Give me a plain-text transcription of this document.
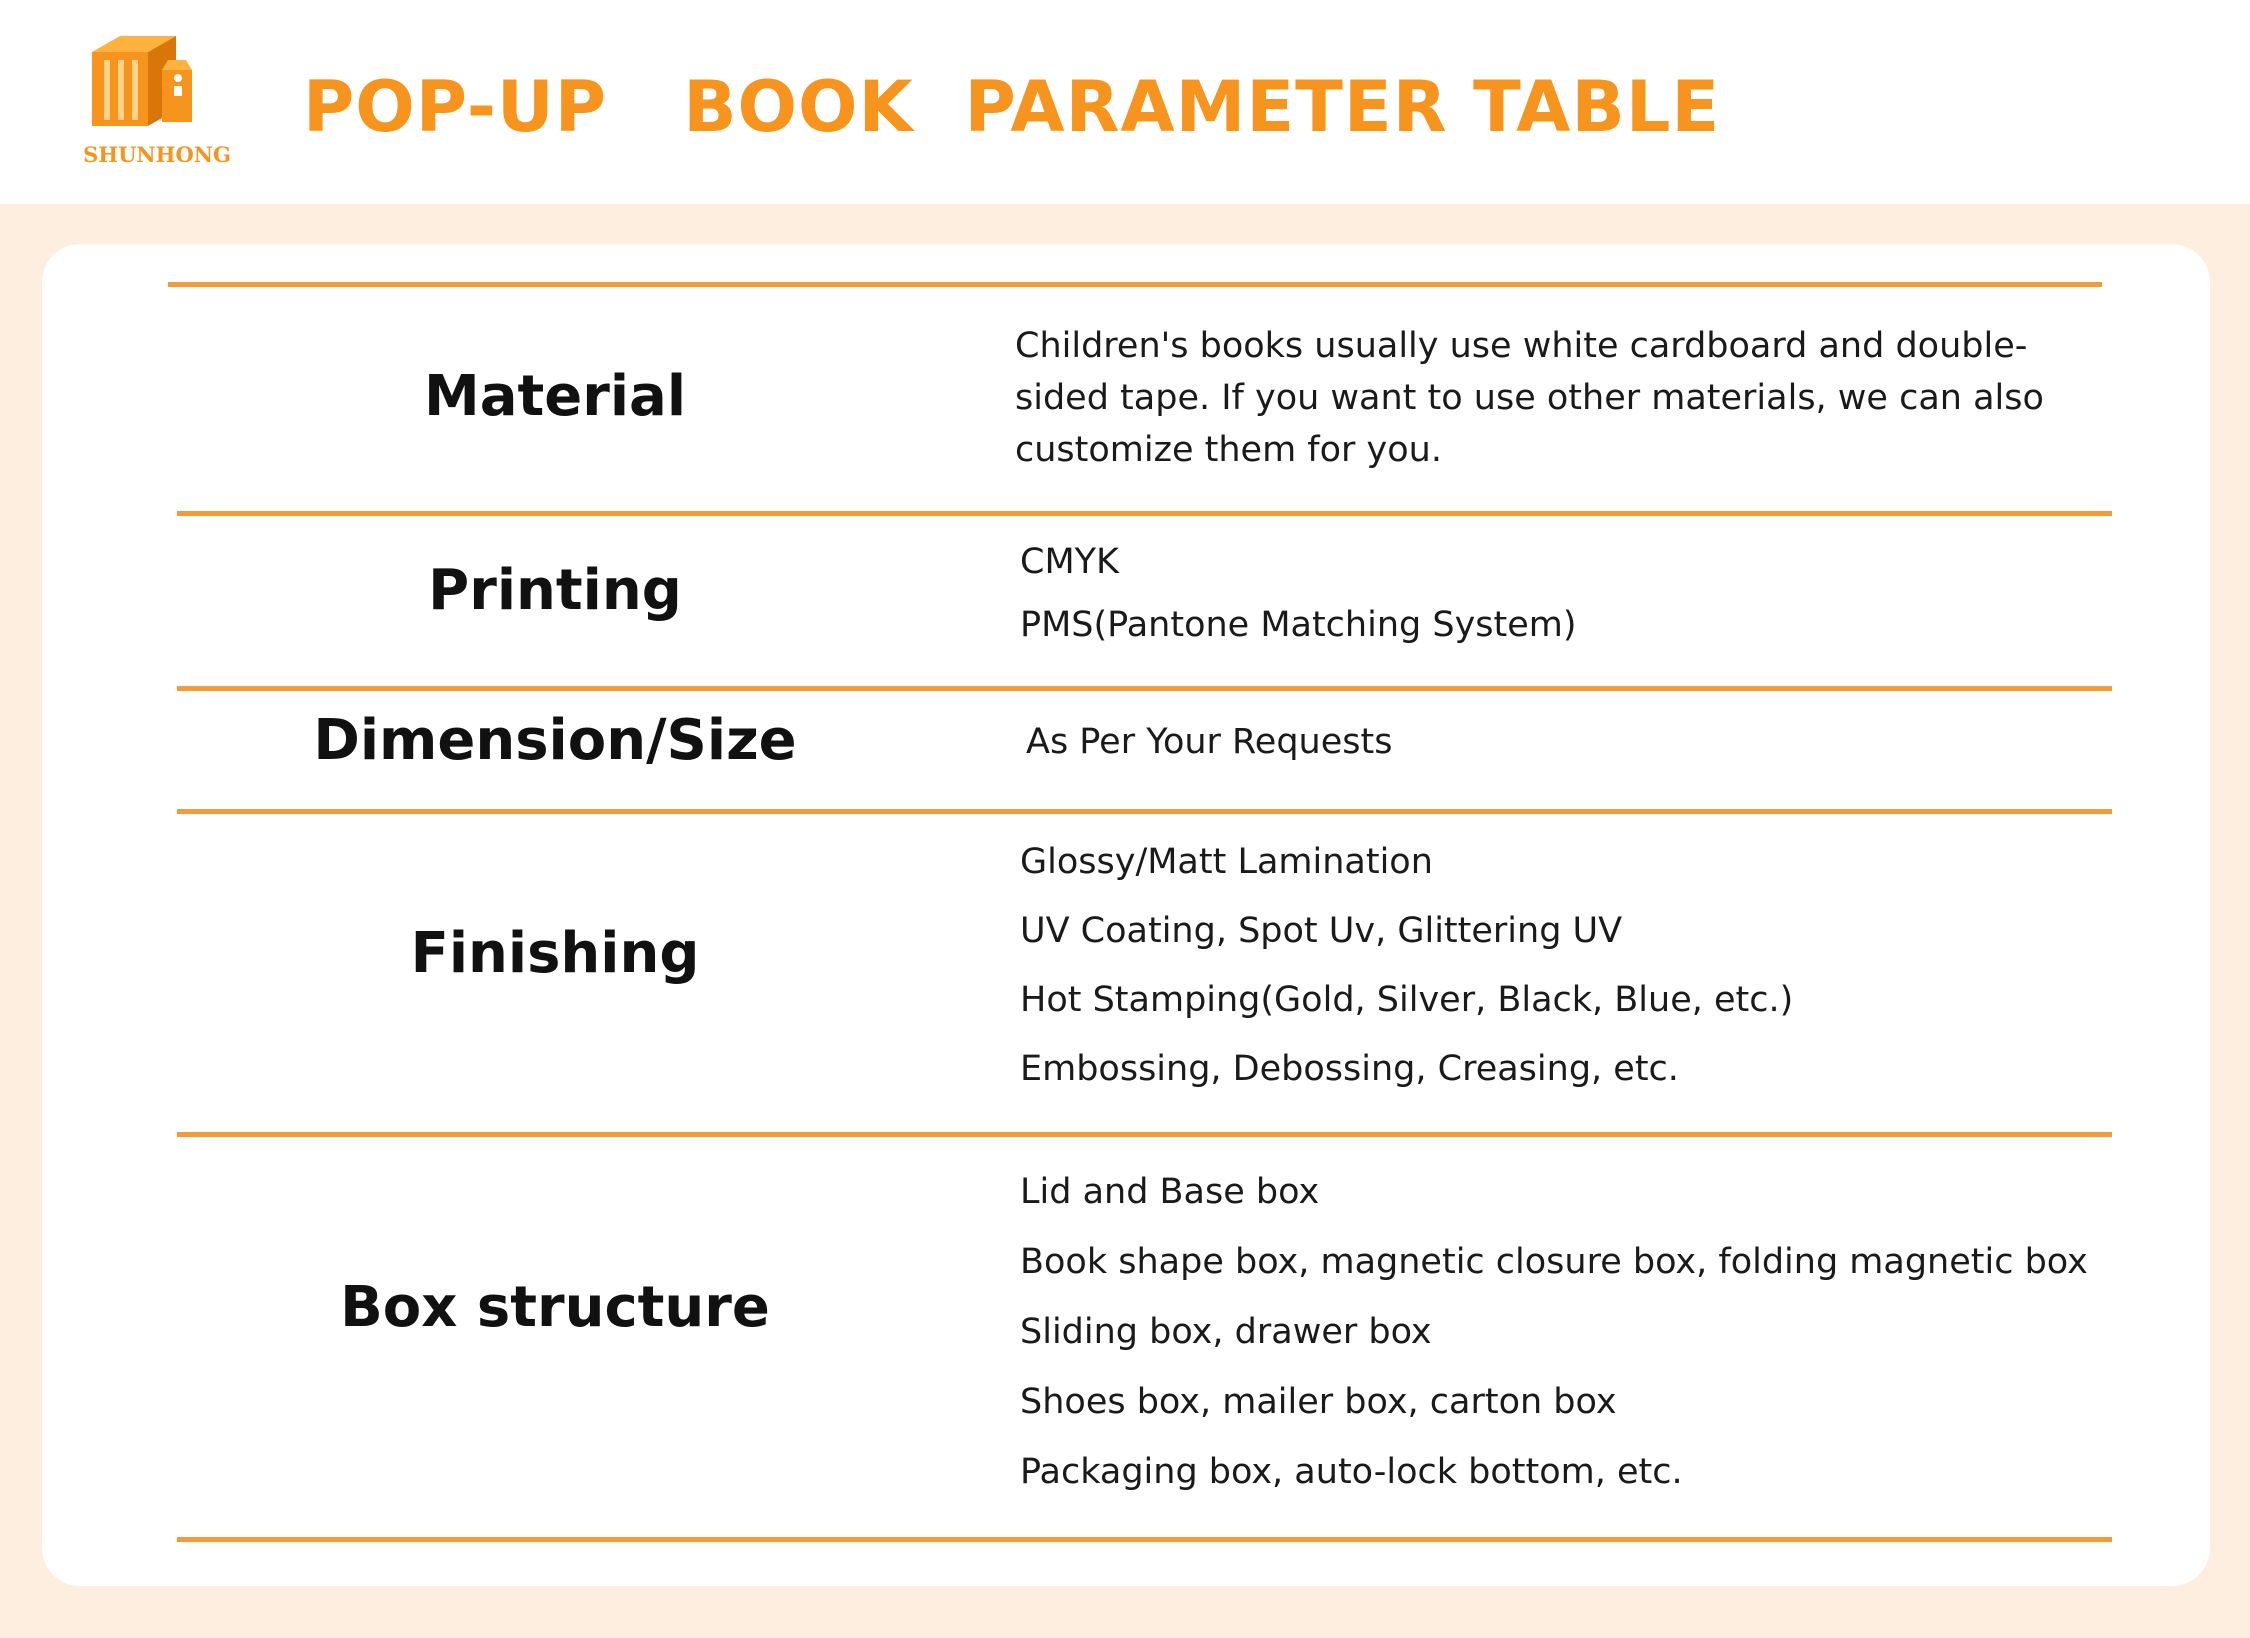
SHUNHONG
POP-UP   BOOK  PARAMETER TABLE
Material
Children's books usually use white cardboard and double-sided tape. If you want to use other materials, we can also customize them for you.
Printing	CMYK
PMS(Pantone Matching System)
Dimension/Size	As Per Your Requests
Finishing
Glossy/Matt Lamination
UV Coating, Spot Uv, Glittering UV
Hot Stamping(Gold, Silver, Black, Blue, etc.)
Embossing, Debossing, Creasing, etc.
Box structure
Lid and Base box
Book shape box, magnetic closure box, folding magnetic box
Sliding box, drawer box
Shoes box, mailer box, carton box
Packaging box, auto-lock bottom, etc.
